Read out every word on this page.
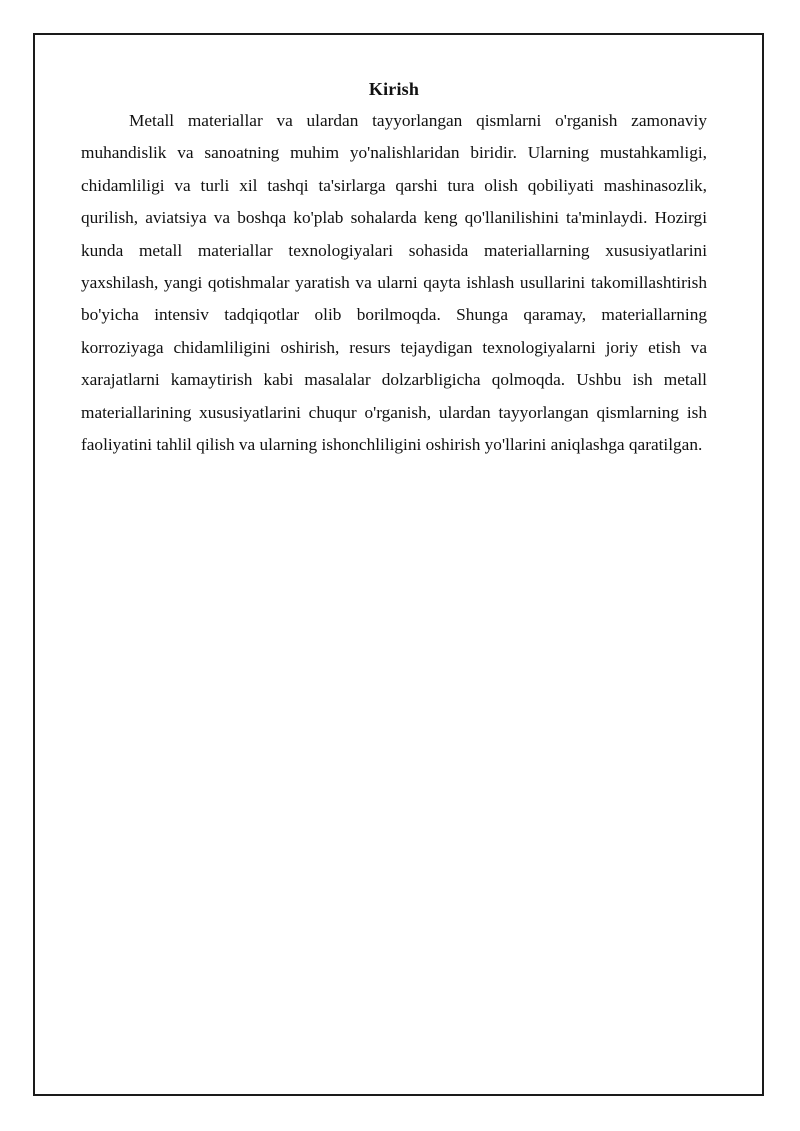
Kirish

Metall materiallar va ulardan tayyorlangan qismlarni o'rganish zamonaviy muhandislik va sanoatning muhim yo'nalishlaridan biridir. Ularning mustahkamligi, chidamliligi va turli xil tashqi ta'sirlarga qarshi tura olish qobiliyati mashinasozlik, qurilish, aviatsiya va boshqa ko'plab sohalarda keng qo'llanilishini ta'minlaydi. Hozirgi kunda metall materiallar texnologiyalari sohasida materiallarning xususiyatlarini yaxshilash, yangi qotishmalar yaratish va ularni qayta ishlash usullarini takomillashtirish bo'yicha intensiv tadqiqotlar olib borilmoqda. Shunga qaramay, materiallarning korroziyaga chidamliligini oshirish, resurs tejaydigan texnologiyalarni joriy etish va xarajatlarni kamaytirish kabi masalalar dolzarbligicha qolmoqda. Ushbu ish metall materiallarining xususiyatlarini chuqur o'rganish, ulardan tayyorlangan qismlarning ish faoliyatini tahlil qilish va ularning ishonchliligini oshirish yo'llarini aniqlashga qaratilgan.
